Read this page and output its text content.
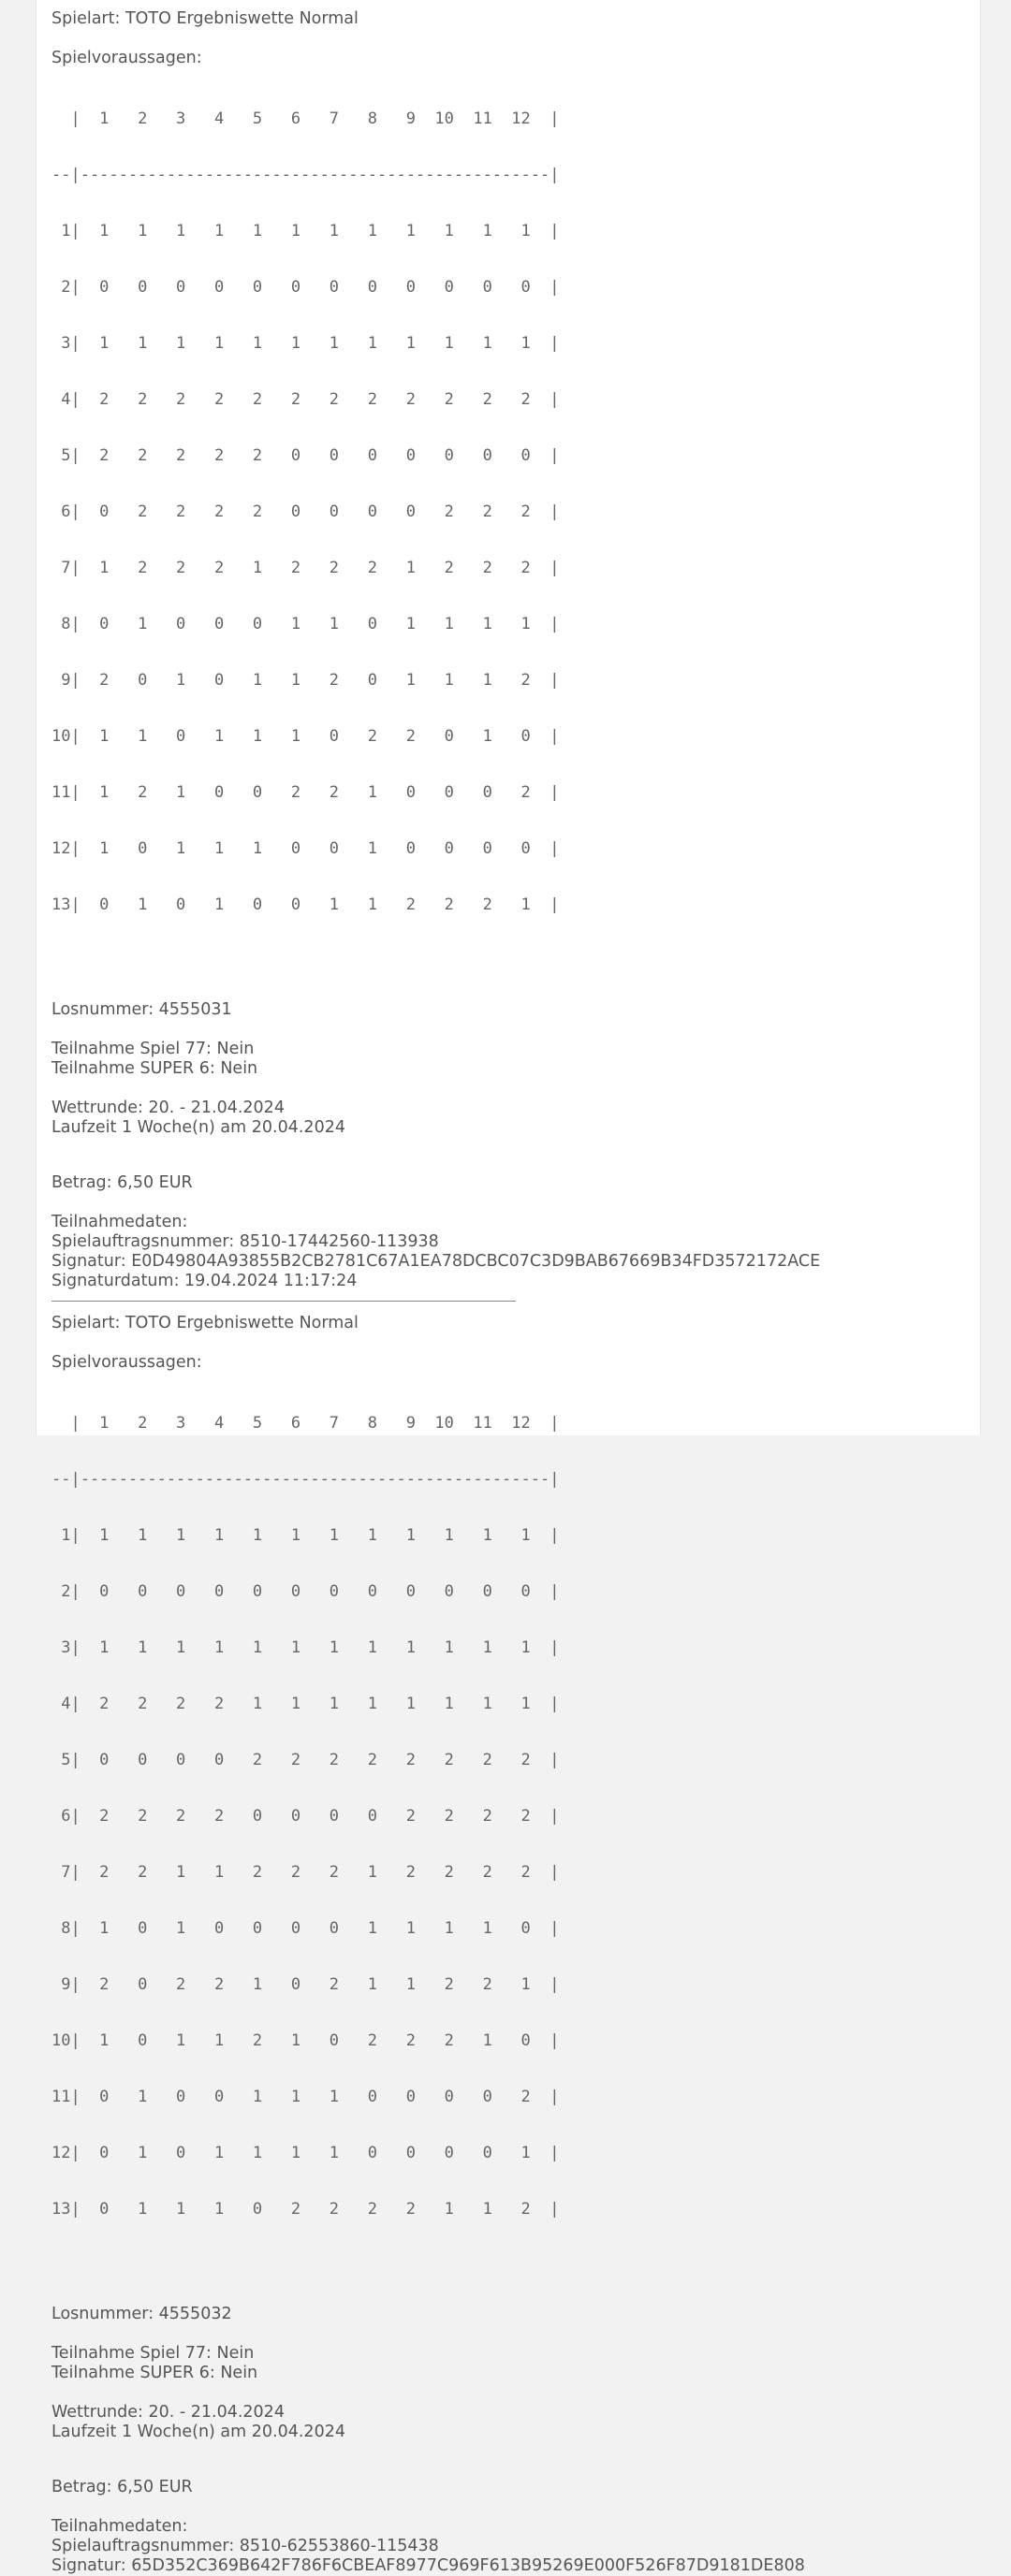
Spielart: TOTO Ergebniswette Normal

Spielvoraussagen:

|  1   2   3   4   5   6   7   8   9  10  11  12  |

--|-------------------------------------------------|

1|  1   1   1   1   1   1   1   1   1   1   1   1  |

2|  0   0   0   0   0   0   0   0   0   0   0   0  |

3|  1   1   1   1   1   1   1   1   1   1   1   1  |

4|  2   2   2   2   2   2   2   2   2   2   2   2  |

5|  2   2   2   2   2   0   0   0   0   0   0   0  |

6|  0   2   2   2   2   0   0   0   0   2   2   2  |

7|  1   2   2   2   1   2   2   2   1   2   2   2  |

8|  0   1   0   0   0   1   1   0   1   1   1   1  |

9|  2   0   1   0   1   1   2   0   1   1   1   2  |

10|  1   1   0   1   1   1   0   2   2   0   1   0  |

11|  1   2   1   0   0   2   2   1   0   0   0   2  |

12|  1   0   1   1   1   0   0   1   0   0   0   0  |

13|  0   1   0   1   0   0   1   1   2   2   2   1  |

Losnummer: 4555031

Teilnahme Spiel 77: Nein

Teilnahme SUPER 6: Nein

Wettrunde: 20. - 21.04.2024

Laufzeit 1 Woche(n) am 20.04.2024

Betrag: 6,50 EUR

Teilnahmedaten:

Spielauftragsnummer: 8510-17442560-113938

Signatur: E0D49804A93855B2CB2781C67A1EA78DCBC07C3D9BAB67669B34FD3572172ACE

Signaturdatum: 19.04.2024 11:17:24

Spielart: TOTO Ergebniswette Normal

Spielvoraussagen:

|  1   2   3   4   5   6   7   8   9  10  11  12  |

--|-------------------------------------------------|

1|  1   1   1   1   1   1   1   1   1   1   1   1  |

2|  0   0   0   0   0   0   0   0   0   0   0   0  |

3|  1   1   1   1   1   1   1   1   1   1   1   1  |

4|  2   2   2   2   1   1   1   1   1   1   1   1  |

5|  0   0   0   0   2   2   2   2   2   2   2   2  |

6|  2   2   2   2   0   0   0   0   2   2   2   2  |

7|  2   2   1   1   2   2   2   1   2   2   2   2  |

8|  1   0   1   0   0   0   0   1   1   1   1   0  |

9|  2   0   2   2   1   0   2   1   1   2   2   1  |

10|  1   0   1   1   2   1   0   2   2   2   1   0  |

11|  0   1   0   0   1   1   1   0   0   0   0   2  |

12|  0   1   0   1   1   1   1   0   0   0   0   1  |

13|  0   1   1   1   0   2   2   2   2   1   1   2  |

Losnummer: 4555032

Teilnahme Spiel 77: Nein

Teilnahme SUPER 6: Nein

Wettrunde: 20. - 21.04.2024

Laufzeit 1 Woche(n) am 20.04.2024

Betrag: 6,50 EUR

Teilnahmedaten:

Spielauftragsnummer: 8510-62553860-115438

Signatur: 65D352C369B642F786F6CBEAF8977C969F613B95269E000F526F87D9181DE808
